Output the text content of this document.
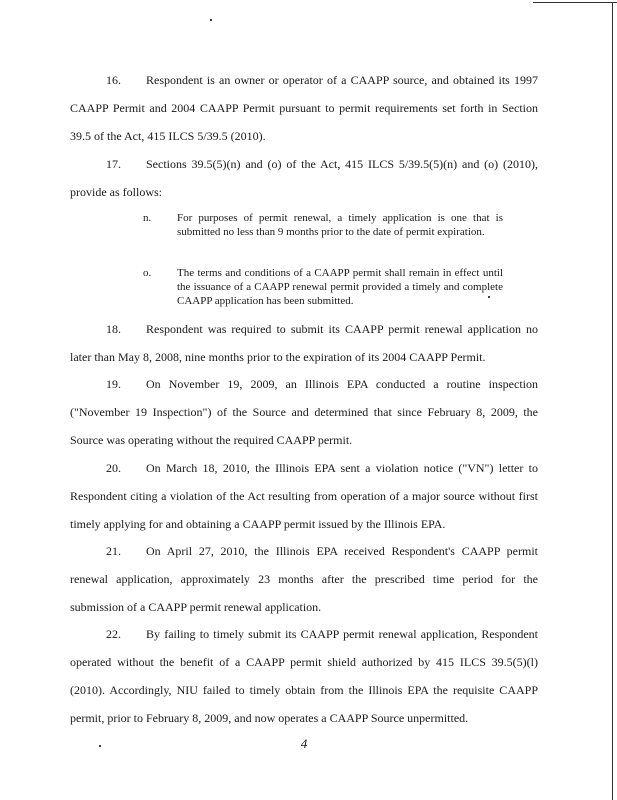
16. Respondent is an owner or operator of a CAAPP source, and obtained its 1997
CAAPP Permit and 2004 CAAPP Permit pursuant to permit requirements set forth in Section
39.5 of the Act, 415 ILCS 5/39.5 (2010).
17. Sections 39.5(5)(n) and (o) of the Act, 415 ILCS 5/39.5(5)(n) and (o) (2010),
provide as follows:
n. For purposes of permit renewal, a timely application is one that is submitted no less than 9 months prior to the date of permit expiration.
o. The terms and conditions of a CAAPP permit shall remain in effect until the issuance of a CAAPP renewal permit provided a timely and complete CAAPP application has been submitted.
18. Respondent was required to submit its CAAPP permit renewal application no
later than May 8, 2008, nine months prior to the expiration of its 2004 CAAPP Permit.
19. On November 19, 2009, an Illinois EPA conducted a routine inspection
("November 19 Inspection") of the Source and determined that since February 8, 2009, the
Source was operating without the required CAAPP permit.
20. On March 18, 2010, the Illinois EPA sent a violation notice ("VN") letter to
Respondent citing a violation of the Act resulting from operation of a major source without first
timely applying for and obtaining a CAAPP permit issued by the Illinois EPA.
21. On April 27, 2010, the Illinois EPA received Respondent's CAAPP permit
renewal application, approximately 23 months after the prescribed time period for the
submission of a CAAPP permit renewal application.
22. By failing to timely submit its CAAPP permit renewal application, Respondent
operated without the benefit of a CAAPP permit shield authorized by 415 ILCS 39.5(5)(l)
(2010). Accordingly, NIU failed to timely obtain from the Illinois EPA the requisite CAAPP
permit, prior to February 8, 2009, and now operates a CAAPP Source unpermitted.
4
